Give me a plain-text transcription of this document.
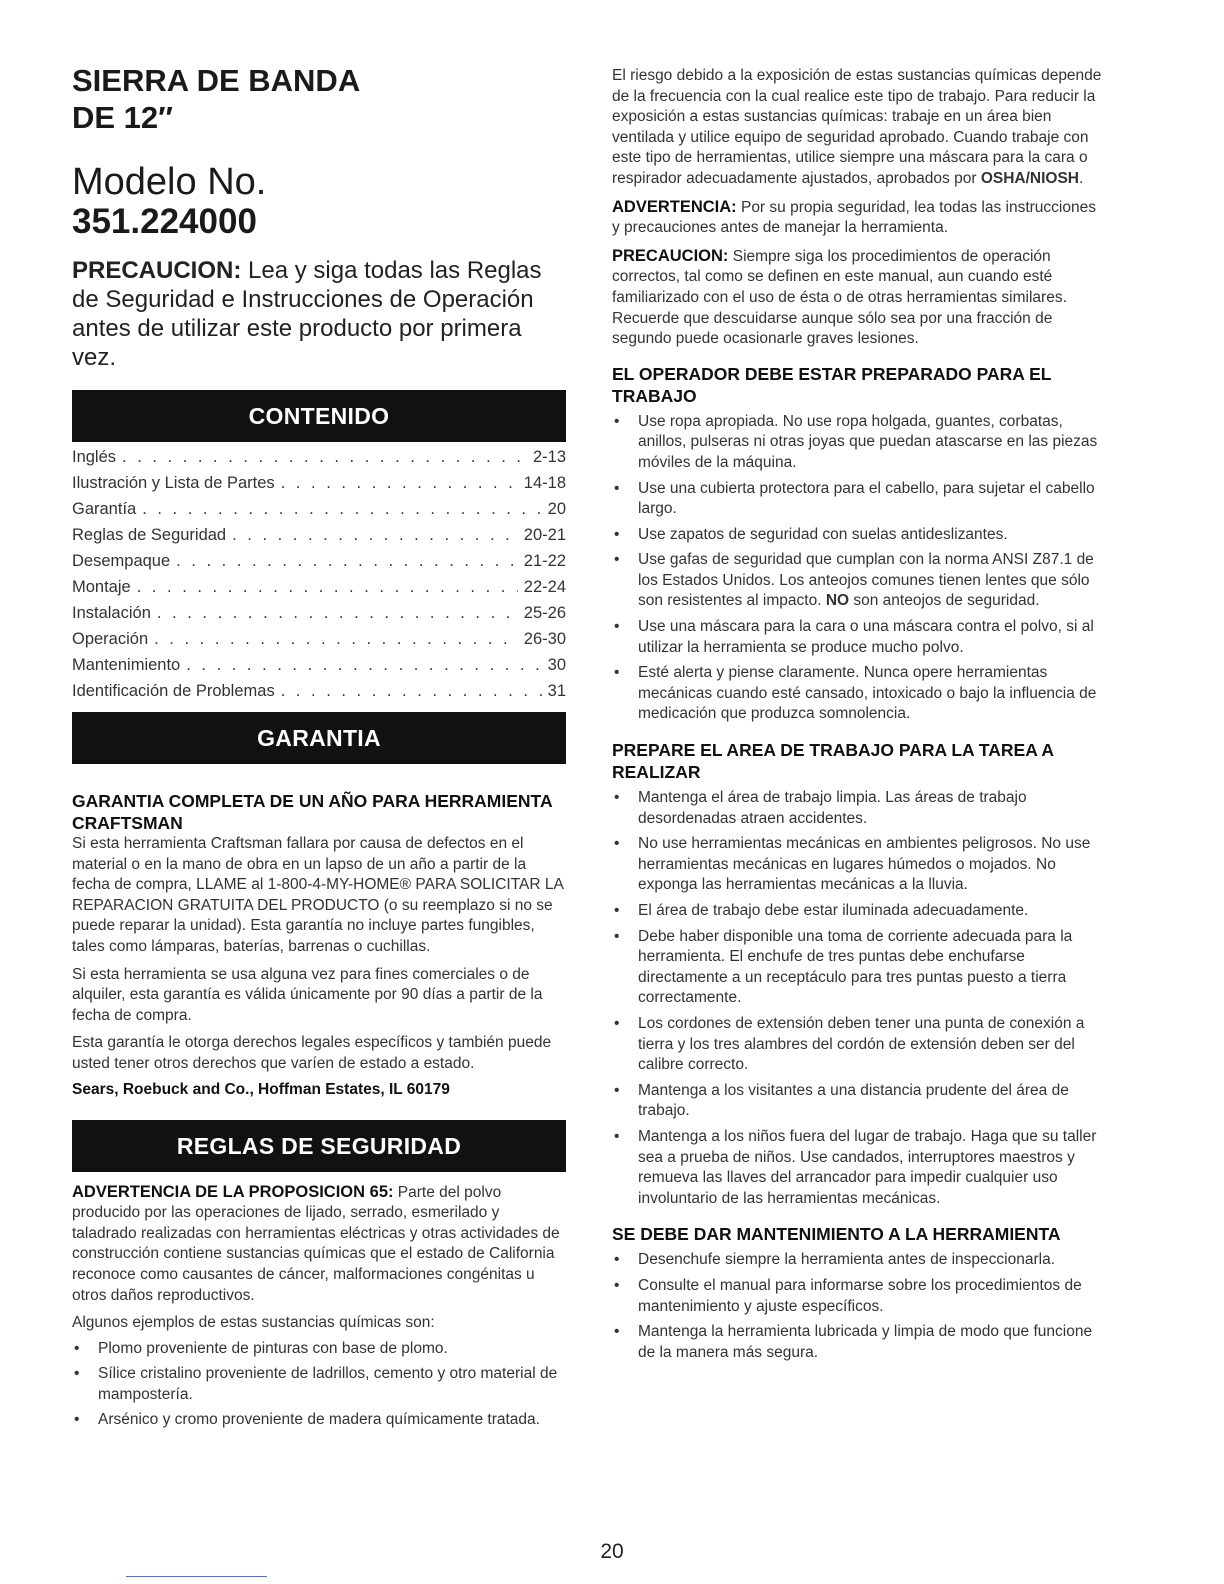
SIERRA DE BANDA
DE 12″
Modelo No.
351.224000
PRECAUCION: Lea y siga todas las Reglas de Seguridad e Instrucciones de Operación antes de utilizar este producto por primera vez.
CONTENIDO
Inglés . . .	2-13
Ilustración y Lista de Partes . . .	14-18
Garantía . . .	20
Reglas de Seguridad . . .	20-21
Desempaque . . .	21-22
Montaje . . .	22-24
Instalación . . .	25-26
Operación . . .	26-30
Mantenimiento . . .	30
Identificación de Problemas . . .	31
GARANTIA
GARANTIA COMPLETA DE UN AÑO PARA HERRAMIENTA CRAFTSMAN

Si esta herramienta Craftsman fallara por causa de defectos en el material o en la mano de obra en un lapso de un año a partir de la fecha de compra, LLAME al 1-800-4-MY-HOME® PARA SOLICITAR LA REPARACION GRATUITA DEL PRODUCTO (o su reemplazo si no se puede reparar la unidad). Esta garantía no incluye partes fungibles, tales como lámparas, baterías, barrenas o cuchillas.

Si esta herramienta se usa alguna vez para fines comerciales o de alquiler, esta garantía es válida únicamente por 90 días a partir de la fecha de compra.

Esta garantía le otorga derechos legales específicos y también puede usted tener otros derechos que varíen de estado a estado.

Sears, Roebuck and Co., Hoffman Estates, IL 60179
REGLAS DE SEGURIDAD

ADVERTENCIA DE LA PROPOSICION 65: Parte del polvo producido por las operaciones de lijado, serrado, esmerilado y taladrado realizadas con herramientas eléctricas y otras actividades de construcción contiene sustancias químicas que el estado de California reconoce como causantes de cáncer, malformaciones congénitas u otros daños reproductivos.

Algunos ejemplos de estas sustancias químicas son:

• Plomo proveniente de pinturas con base de plomo.
• Sílice cristalino proveniente de ladrillos, cemento y otro material de mampostería.
• Arsénico y cromo proveniente de madera químicamente tratada.

El riesgo debido a la exposición de estas sustancias químicas depende de la frecuencia con la cual realice este tipo de trabajo. Para reducir la exposición a estas sustancias químicas: trabaje en un área bien ventilada y utilice equipo de seguridad aprobado. Cuando trabaje con este tipo de herramientas, utilice siempre una máscara para la cara o respirador adecuadamente ajustados, aprobados por OSHA/NIOSH.

ADVERTENCIA: Por su propia seguridad, lea todas las instrucciones y precauciones antes de manejar la herramienta.

PRECAUCION: Siempre siga los procedimientos de operación correctos, tal como se definen en este manual, aun cuando esté familiarizado con el uso de ésta o de otras herramientas similares. Recuerde que descuidarse aunque sólo sea por una fracción de segundo puede ocasionarle graves lesiones.

EL OPERADOR DEBE ESTAR PREPARADO PARA EL TRABAJO
• Use ropa apropiada. No use ropa holgada, guantes, corbatas, anillos, pulseras ni otras joyas que puedan atascarse en las piezas móviles de la máquina.
• Use una cubierta protectora para el cabello, para sujetar el cabello largo.
• Use zapatos de seguridad con suelas antideslizantes.
• Use gafas de seguridad que cumplan con la norma ANSI Z87.1 de los Estados Unidos. Los anteojos comunes tienen lentes que sólo son resistentes al impacto. NO son anteojos de seguridad.
• Use una máscara para la cara o una máscara contra el polvo, si al utilizar la herramienta se produce mucho polvo.
• Esté alerta y piense claramente. Nunca opere herramientas mecánicas cuando esté cansado, intoxicado o bajo la influencia de medicación que produzca somnolencia.
PREPARE EL AREA DE TRABAJO PARA LA TAREA A REALIZAR
• Mantenga el área de trabajo limpia. Las áreas de trabajo desordenadas atraen accidentes.
• No use herramientas mecánicas en ambientes peligrosos. No use herramientas mecánicas en lugares húmedos o mojados. No exponga las herramientas mecánicas a la lluvia.
• El área de trabajo debe estar iluminada adecuadamente.
• Debe haber disponible una toma de corriente adecuada para la herramienta. El enchufe de tres puntas debe enchufarse directamente a un receptáculo para tres puntas puesto a tierra correctamente.
• Los cordones de extensión deben tener una punta de conexión a tierra y los tres alambres del cordón de extensión deben ser del calibre correcto.
• Mantenga a los visitantes a una distancia prudente del área de trabajo.
• Mantenga a los niños fuera del lugar de trabajo. Haga que su taller sea a prueba de niños. Use candados, interruptores maestros y remueva las llaves del arrancador para impedir cualquier uso involuntario de las herramientas mecánicas.
SE DEBE DAR MANTENIMIENTO A LA HERRAMIENTA
• Desenchufe siempre la herramienta antes de inspeccionarla.
• Consulte el manual para informarse sobre los procedimientos de mantenimiento y ajuste específicos.
• Mantenga la herramienta lubricada y limpia de modo que funcione de la manera más segura.
20
